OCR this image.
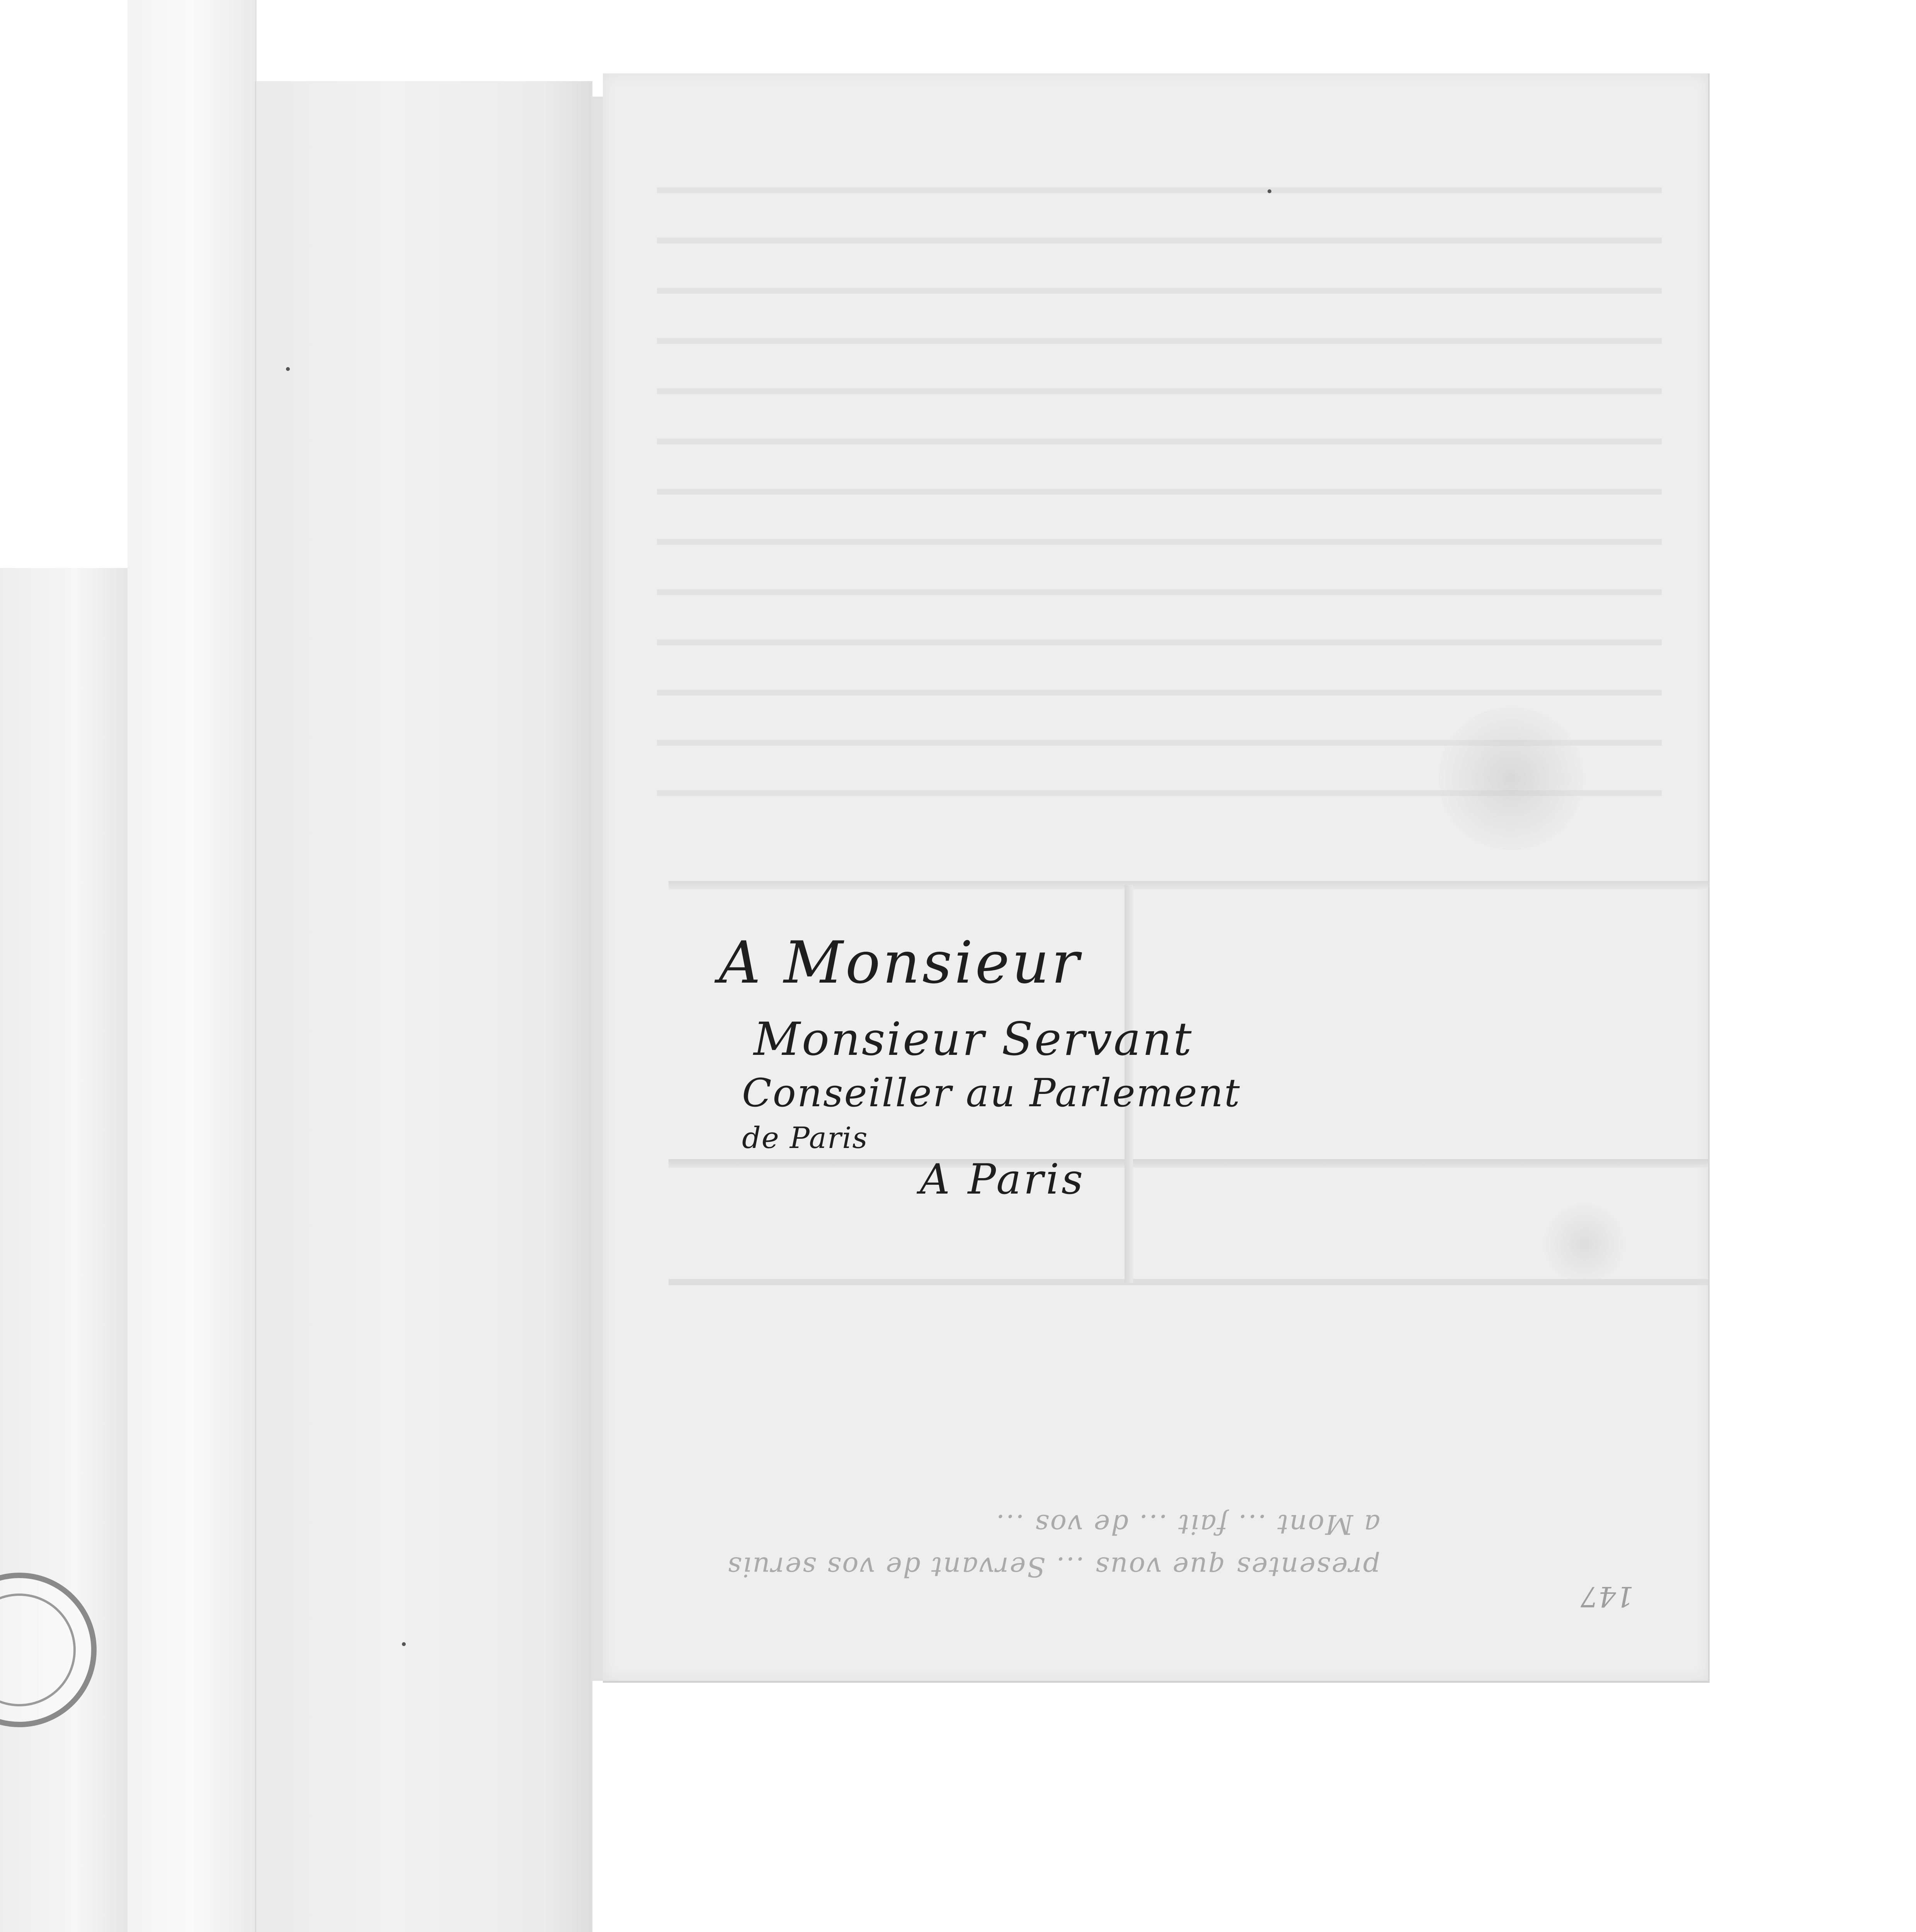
A Monsieur
Monsieur Servant
Conseiller au Parlement
de Paris
A Paris
presentes que vous ... Servant de vos seruis
a Mont ... fait ... de vos ...
147
